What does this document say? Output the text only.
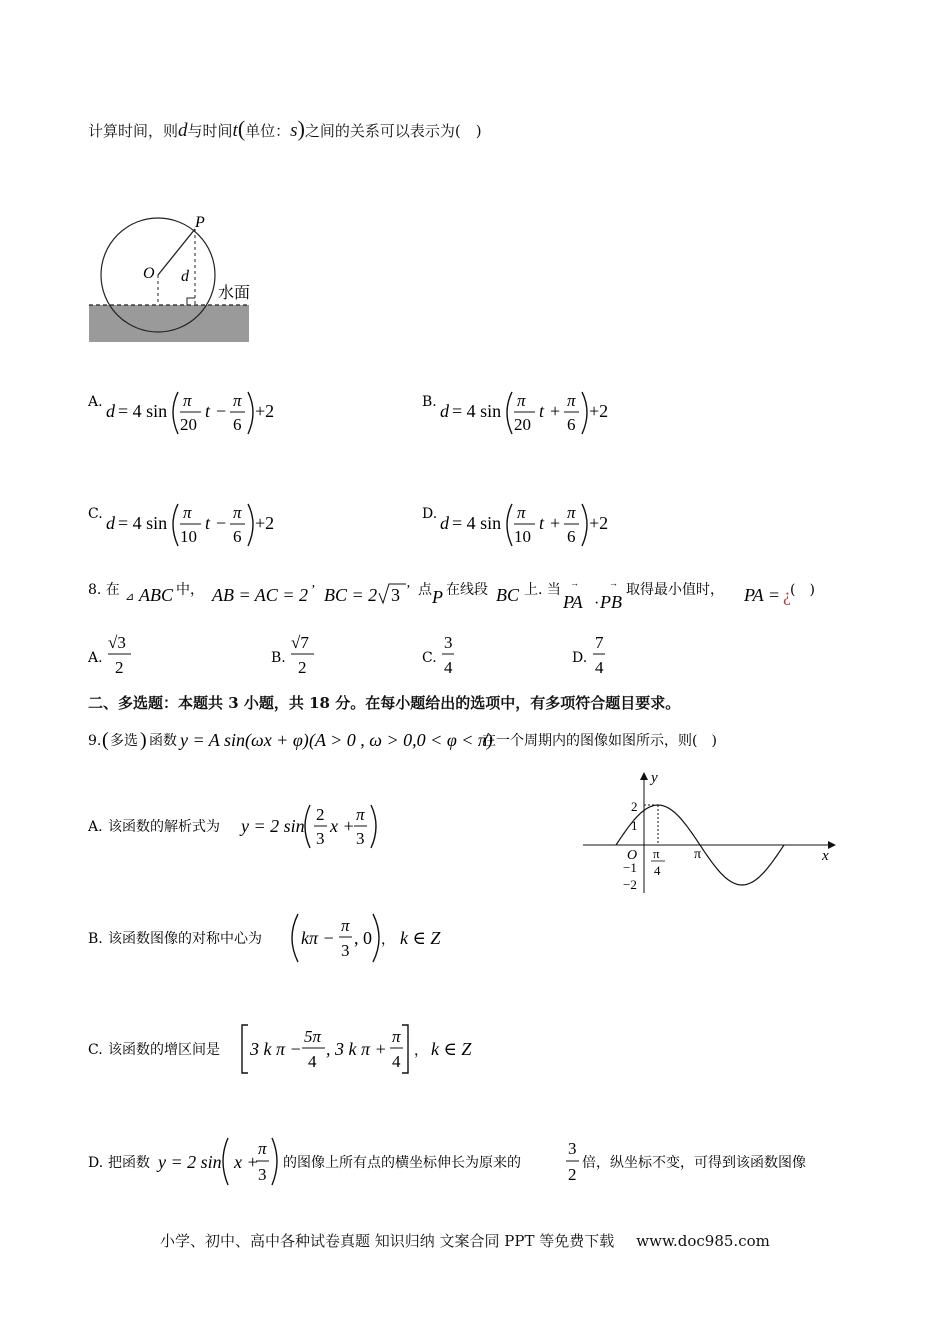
计算时间，则d与时间t(单位：s)之间的关系可以表示为(　)
P
O d
水面
A. d = 4 sin
π
20
t −
π
6
+2	B. d = 4 sin
π
20
t +
π
6
+2
C. d = 4 sin
π
10
t −
π
6
+2	D. d = 4 sin
π
10
t +
π
6
+2
8. 在 ⊿ ABC 中， AB = AC = 2 ’ BC = 2 3 ’ 点 P 在线段 BC 上. 当 →
PA ·
→
PB
取得最小值时， PA = ¿ (　)
A.
√3
2	B.
√7
2	C.
3
4	D.
7
4
二、多选题：本题共 3 小题，共 18 分。在每小题给出的选项中，有多项符合题目要求。
9. ( 多选 ) 函数 y = A sin(ωx + φ) (A > 0 , ω > 0,0 < φ < π)
在一个周期内的图像如图所示，则(　)
y
x
O
2
1
−1
−2
π
4
π
A. 该函数的解析式为 y = 2 sin
2
3
x +
π
3
B. 该函数图像的对称中心为 kπ −
π
3
, 0 ， k ∈ Z
C. 该函数的增区间是 3 k π −
5π
4
, 3 k π +
π
4
， k ∈ Z
D. 把函数 y = 2 sin x +
π
3
的图像上所有点的横坐标伸长为原来的
3
2
倍，纵坐标不变，可得到该函数图像
小学、初中、高中各种试卷真题 知识归纳 文案合同 PPT 等免费下载 www.doc985.com
